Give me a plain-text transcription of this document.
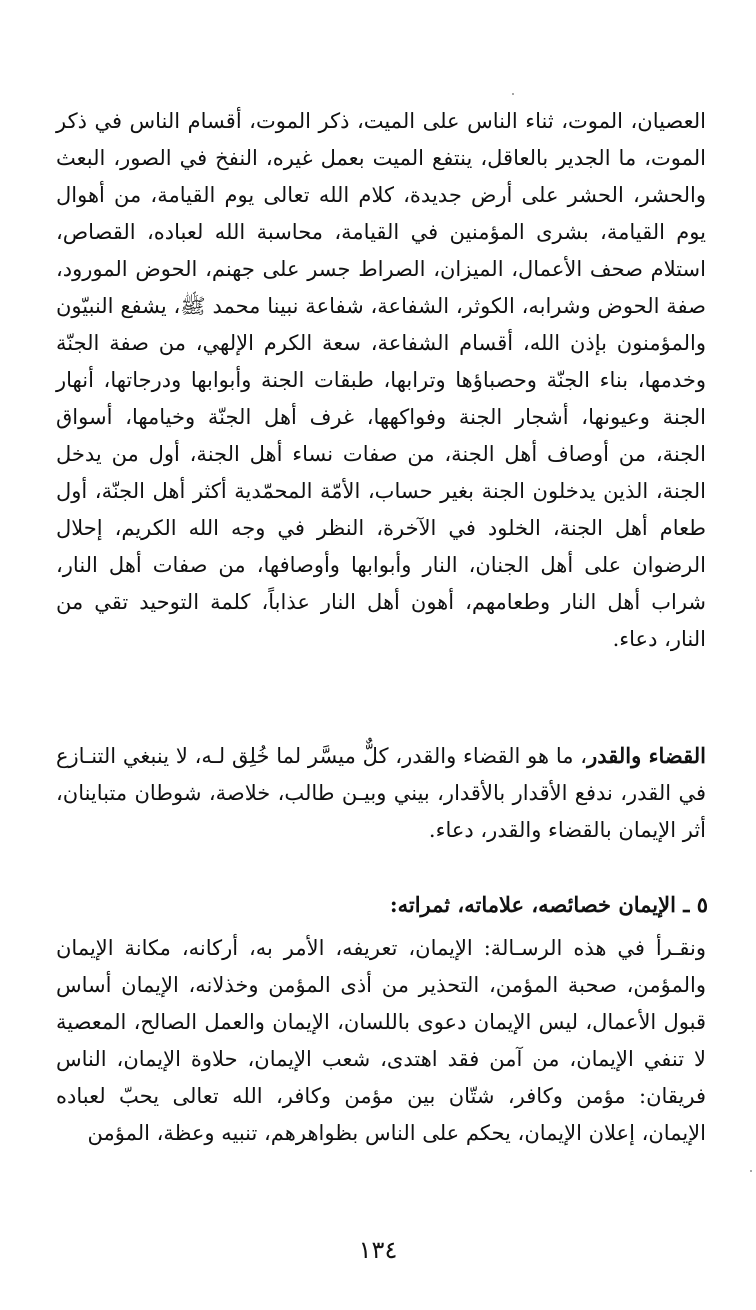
العصيان، الموت، ثناء الناس على الميت، ذكر الموت، أقسام الناس في ذكر الموت، ما الجدير بالعاقل، ينتفع الميت بعمل غيره، النفخ في الصور، البعث والحشر، الحشر على أرض جديدة، كلام الله تعالى يوم القيامة، من أهوال يوم القيامة، بشرى المؤمنين في القيامة، محاسبة الله لعباده، القصاص، استلام صحف الأعمال، الميزان، الصراط جسر على جهنم، الحوض المورود، صفة الحوض وشرابه، الكوثر، الشفاعة، شفاعة نبينا محمد ﷺ، يشفع النبيّون والمؤمنون بإذن الله، أقسام الشفاعة، سعة الكرم الإلهي، من صفة الجنّة وخدمها، بناء الجنّة وحصباؤها وترابها، طبقات الجنة وأبوابها ودرجاتها، أنهار الجنة وعيونها، أشجار الجنة وفواكهها، غرف أهل الجنّة وخيامها، أسواق الجنة، من أوصاف أهل الجنة، من صفات نساء أهل الجنة، أول من يدخل الجنة، الذين يدخلون الجنة بغير حساب، الأمّة المحمّدية أكثر أهل الجنّة، أول طعام أهل الجنة، الخلود في الآخرة، النظر في وجه الله الكريم، إحلال الرضوان على أهل الجنان، النار وأبوابها وأوصافها، من صفات أهل النار، شراب أهل النار وطعامهم، أهون أهل النار عذاباً، كلمة التوحيد تقي من النار، دعاء.
القضاء والقدر، ما هو القضاء والقدر، كلٌّ ميسَّر لما خُلِق لـه، لا ينبغي التنـازع في القدر، ندفع الأقدار بالأقدار، بيني وبيـن طالب، خلاصة، شوطان متباينان، أثر الإيمان بالقضاء والقدر، دعاء.
٥ ـ الإيمان خصائصه، علاماته، ثمراته:
ونقـرأ في هذه الرسـالة: الإيمان، تعريفه، الأمر به، أركانه، مكانة الإيمان والمؤمن، صحبة المؤمن، التحذير من أذى المؤمن وخذلانه، الإيمان أساس قبول الأعمال، ليس الإيمان دعوى باللسان، الإيمان والعمل الصالح، المعصية لا تنفي الإيمان، من آمن فقد اهتدى، شعب الإيمان، حلاوة الإيمان، الناس فريقان: مؤمن وكافر، شتّان بين مؤمن وكافر، الله تعالى يحبّ لعباده الإيمان، إعلان الإيمان، يحكم على الناس بظواهرهم، تنبيه وعظة، المؤمن
١٣٤
